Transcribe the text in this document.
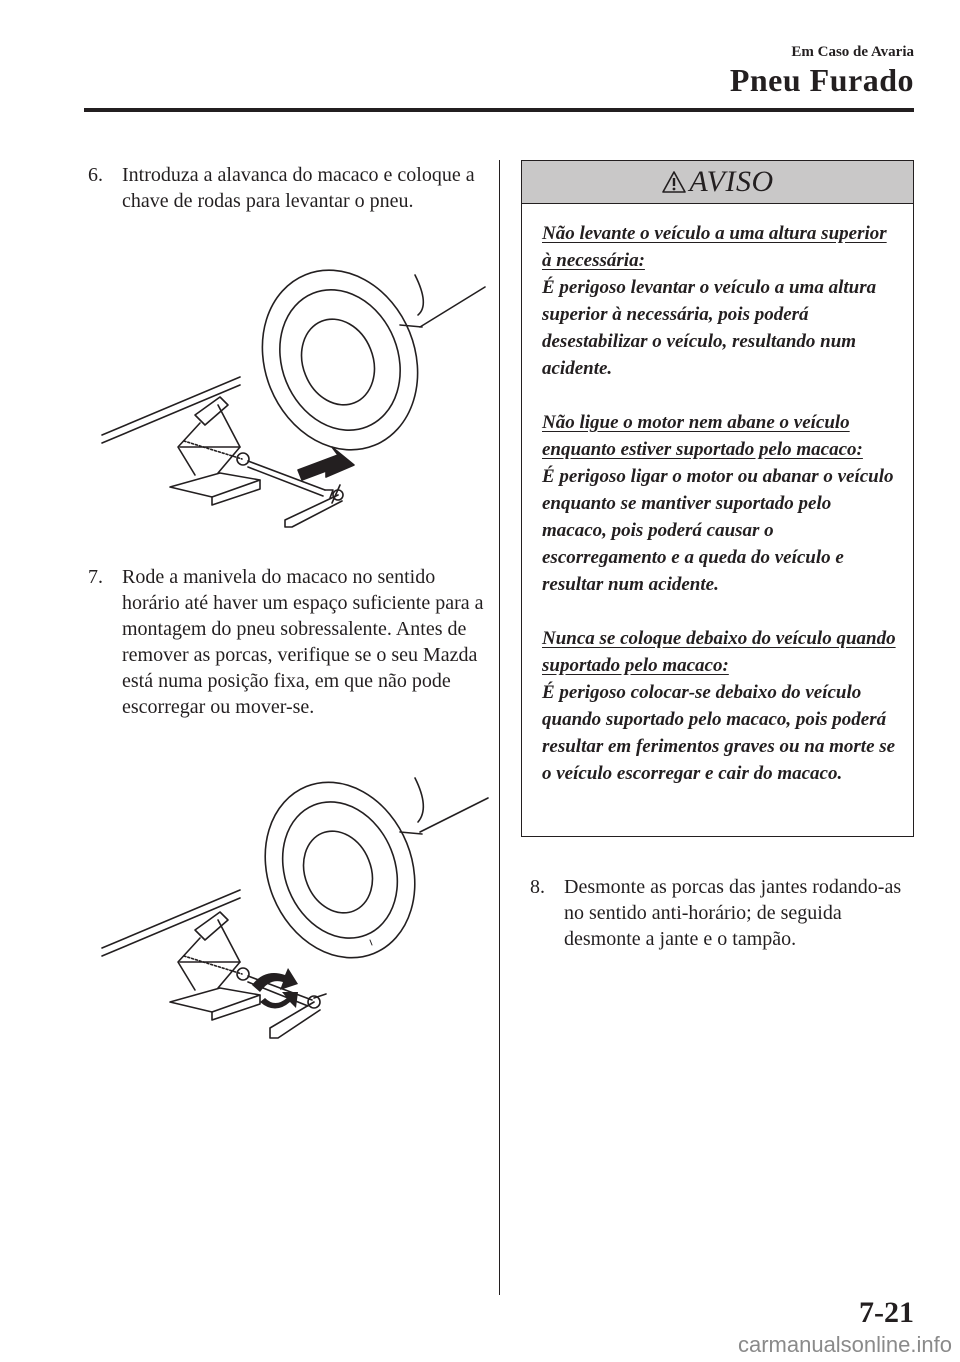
Em Caso de Avaria
Pneu Furado
6. Introduza a alavanca do macaco e coloque a chave de rodas para levantar o pneu.
7. Rode a manivela do macaco no sentido horário até haver um espaço suficiente para a montagem do pneu sobressalente. Antes de remover as porcas, verifique se o seu Mazda está numa posição fixa, em que não pode escorregar ou mover-se.
AVISO
Não levante o veículo a uma altura superior à necessária:
É perigoso levantar o veículo a uma altura superior à necessária, pois poderá desestabilizar o veículo, resultando num acidente.
Não ligue o motor nem abane o veículo enquanto estiver suportado pelo macaco:
É perigoso ligar o motor ou abanar o veículo enquanto se mantiver suportado pelo macaco, pois poderá causar o escorregamento e a queda do veículo e resultar num acidente.
Nunca se coloque debaixo do veículo quando suportado pelo macaco:
É perigoso colocar-se debaixo do veículo quando suportado pelo macaco, pois poderá resultar em ferimentos graves ou na morte se o veículo escorregar e cair do macaco.
8. Desmonte as porcas das jantes rodando-as no sentido anti-horário; de seguida desmonte a jante e o tampão.
7-21
carmanualsonline.info
